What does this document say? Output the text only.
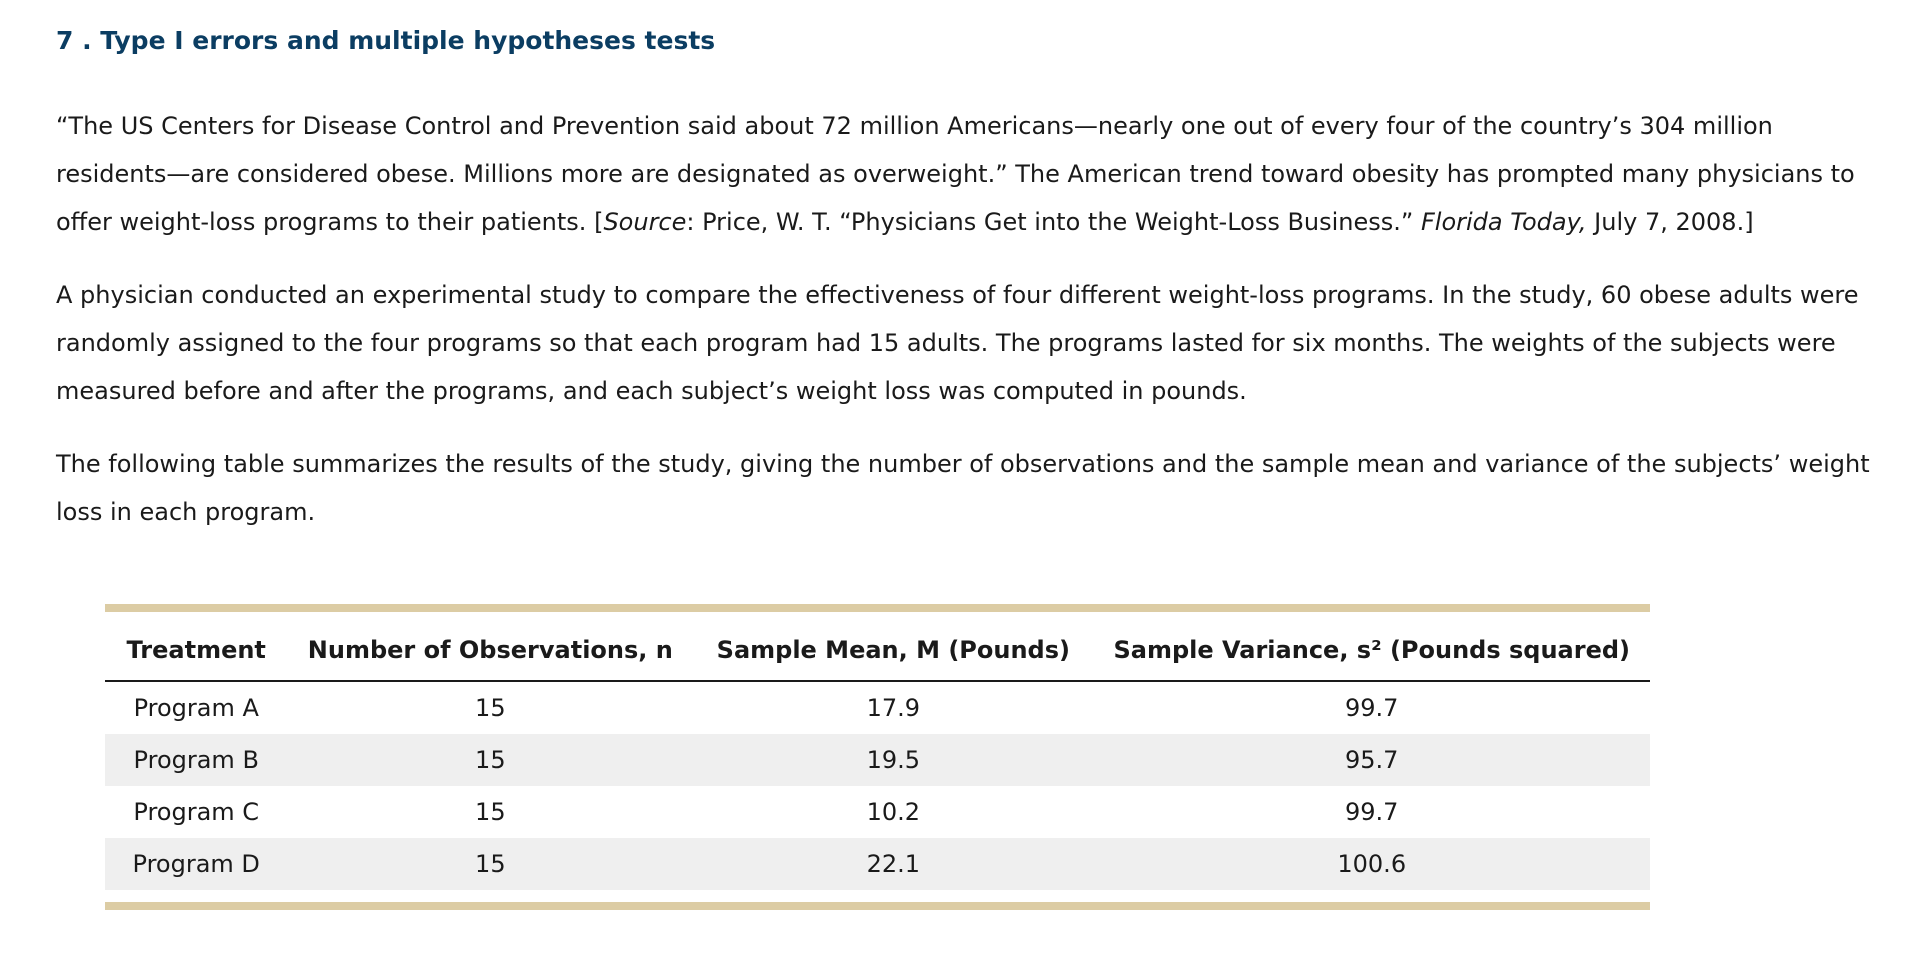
7 . Type I errors and multiple hypotheses tests

“The US Centers for Disease Control and Prevention said about 72 million Americans—nearly one out of every four of the country’s 304 million residents—are considered obese. Millions more are designated as overweight.” The American trend toward obesity has prompted many physicians to offer weight-loss programs to their patients. [Source: Price, W. T. “Physicians Get into the Weight-Loss Business.” Florida Today, July 7, 2008.]

A physician conducted an experimental study to compare the effectiveness of four different weight-loss programs. In the study, 60 obese adults were randomly assigned to the four programs so that each program had 15 adults. The programs lasted for six months. The weights of the subjects were measured before and after the programs, and each subject’s weight loss was computed in pounds.

The following table summarizes the results of the study, giving the number of observations and the sample mean and variance of the subjects’ weight loss in each program.

Treatment	Number of Observations, n	Sample Mean, M (Pounds)	Sample Variance, s² (Pounds squared)
Program A	15	17.9	99.7
Program B	15	19.5	95.7
Program C	15	10.2	99.7
Program D	15	22.1	100.6
